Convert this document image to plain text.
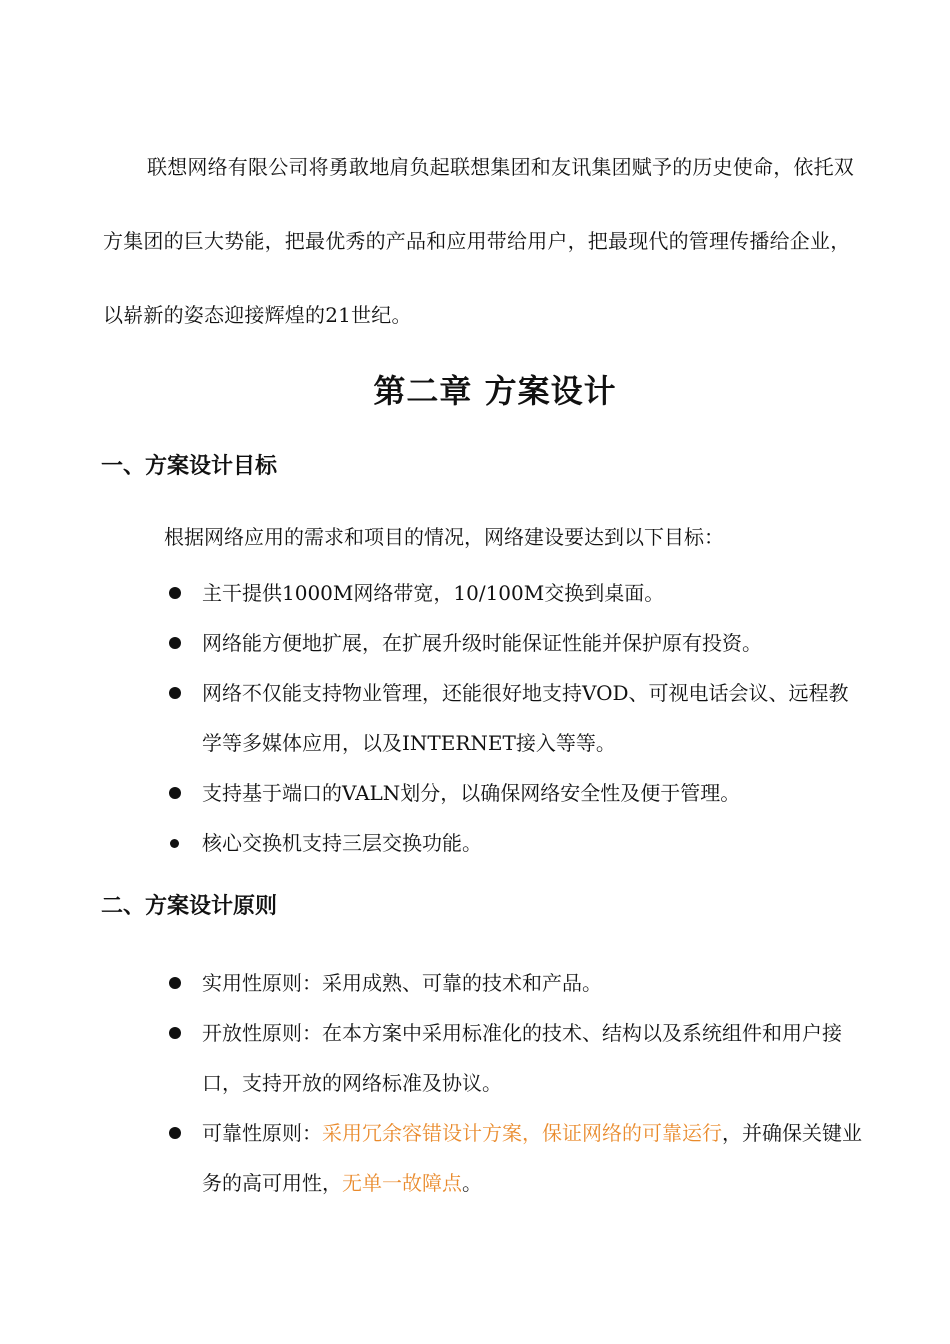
联想网络有限公司将勇敢地肩负起联想集团和友讯集团赋予的历史使命，依托双方集团的巨大势能，把最优秀的产品和应用带给用户，把最现代的管理传播给企业，以崭新的姿态迎接辉煌的21世纪。

第二章 方案设计
一、方案设计目标

根据网络应用的需求和项目的情况，网络建设要达到以下目标：

主干提供1000M网络带宽，10/100M交换到桌面。
网络能方便地扩展，在扩展升级时能保证性能并保护原有投资。
网络不仅能支持物业管理，还能很好地支持VOD、可视电话会议、远程教学等多媒体应用，以及INTERNET接入等等。
支持基于端口的VALN划分，以确保网络安全性及便于管理。
核心交换机支持三层交换功能。
二、方案设计原则
实用性原则：采用成熟、可靠的技术和产品。
开放性原则：在本方案中采用标准化的技术、结构以及系统组件和用户接口，支持开放的网络标准及协议。
可靠性原则：采用冗余容错设计方案，保证网络的可靠运行，并确保关键业务的高可用性，无单一故障点。
